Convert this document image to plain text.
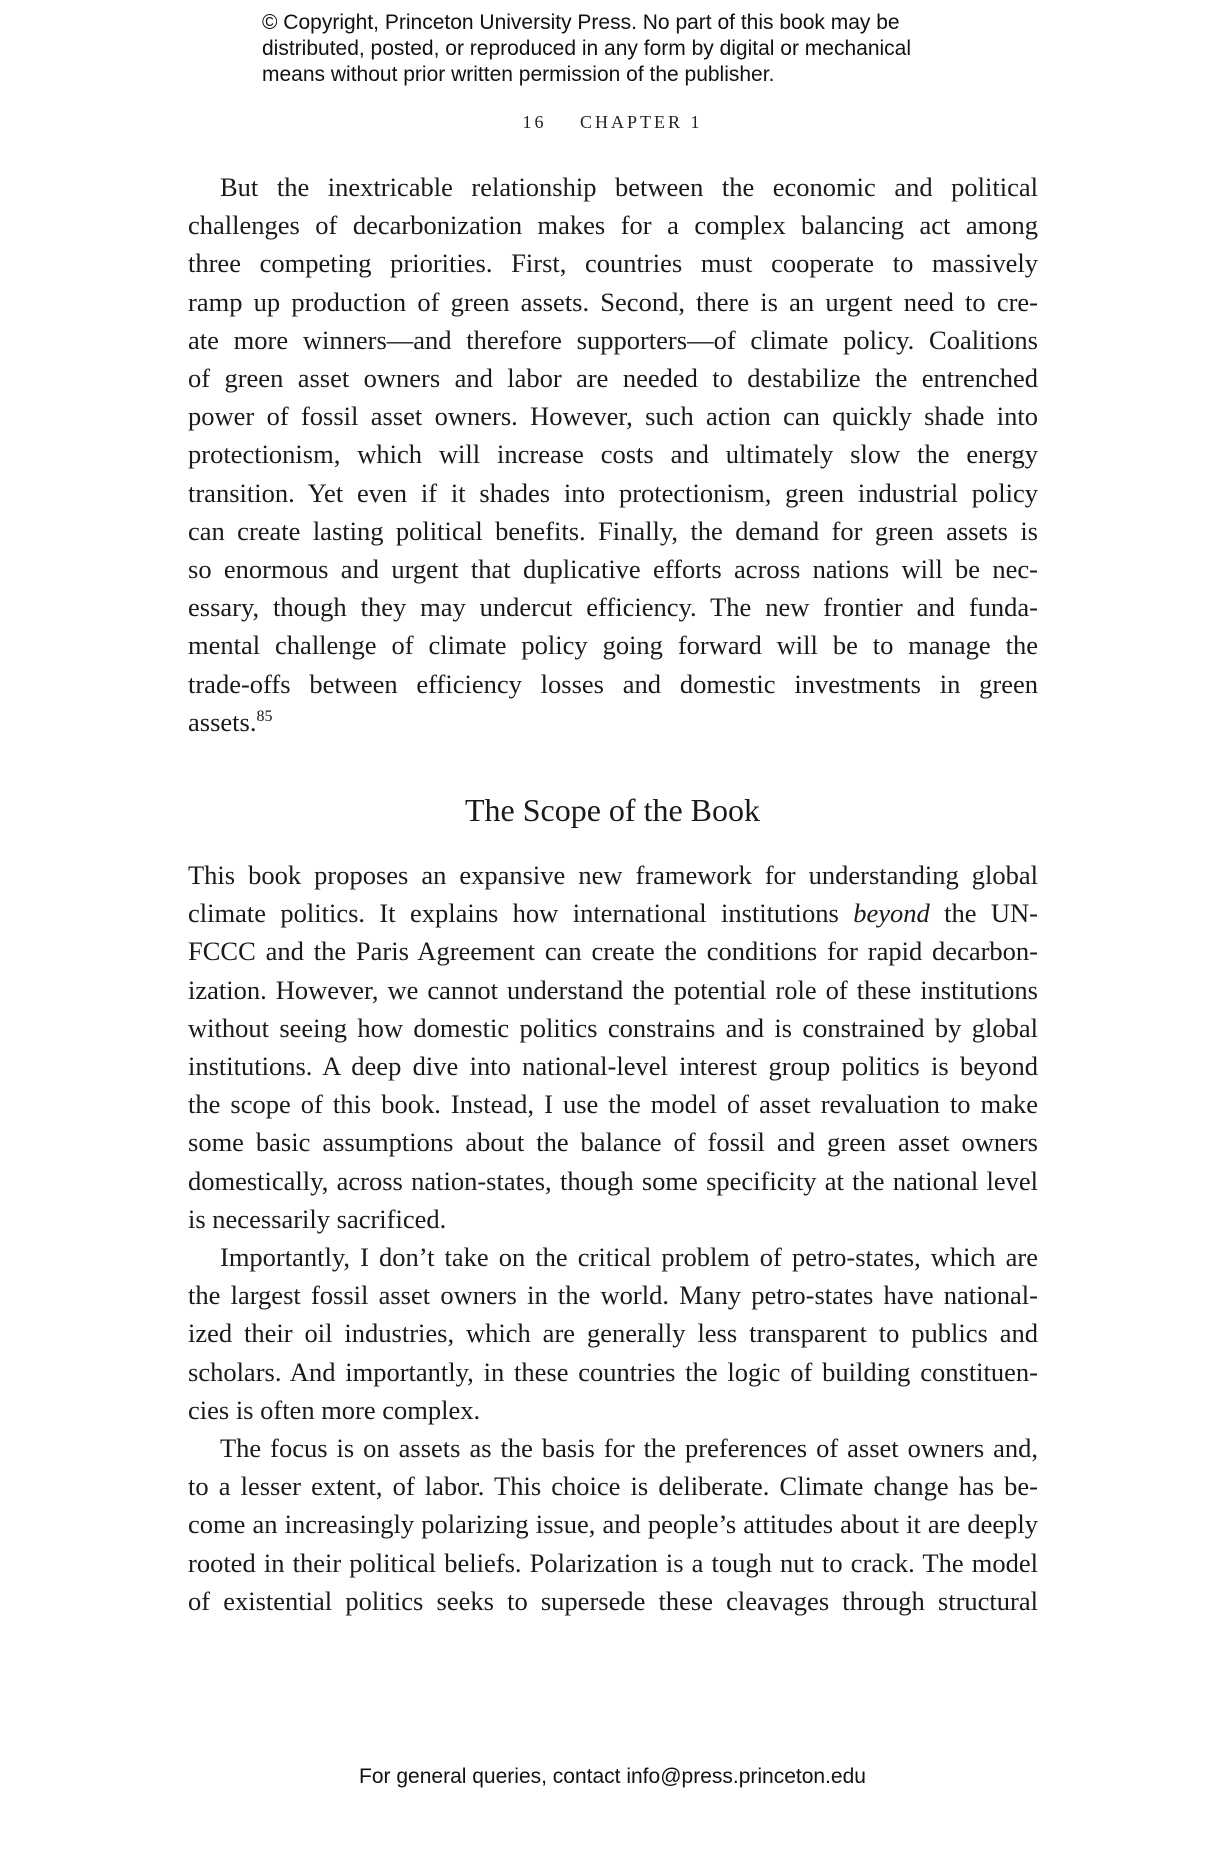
© Copyright, Princeton University Press. No part of this book may be
distributed, posted, or reproduced in any form by digital or mechanical
means without prior written permission of the publisher.
16 CHAPTER 1

But the inextricable relationship between the economic and political
challenges of decarbonization makes for a complex balancing act among
three competing priorities. First, countries must cooperate to massively
ramp up production of green assets. Second, there is an urgent need to cre-
ate more winners—and therefore supporters—of climate policy. Coalitions
of green asset owners and labor are needed to destabilize the entrenched
power of fossil asset owners. However, such action can quickly shade into
protectionism, which will increase costs and ultimately slow the energy
transition. Yet even if it shades into protectionism, green industrial policy
can create lasting political benefits. Finally, the demand for green assets is
so enormous and urgent that duplicative efforts across nations will be nec-
essary, though they may undercut efficiency. The new frontier and funda-
mental challenge of climate policy going forward will be to manage the
trade-offs between efficiency losses and domestic investments in green
assets.$^{85}$

The Scope of the Book

This book proposes an expansive new framework for understanding global
climate politics. It explains how international institutions beyond the UN-
FCCC and the Paris Agreement can create the conditions for rapid decarbon-
ization. However, we cannot understand the potential role of these institutions
without seeing how domestic politics constrains and is constrained by global
institutions. A deep dive into national-level interest group politics is beyond
the scope of this book. Instead, I use the model of asset revaluation to make
some basic assumptions about the balance of fossil and green asset owners
domestically, across nation-states, though some specificity at the national level
is necessarily sacrificed.

Importantly, I don’t take on the critical problem of petro-states, which are
the largest fossil asset owners in the world. Many petro-states have national-
ized their oil industries, which are generally less transparent to publics and
scholars. And importantly, in these countries the logic of building constituen-
cies is often more complex.

The focus is on assets as the basis for the preferences of asset owners and,
to a lesser extent, of labor. This choice is deliberate. Climate change has be-
come an increasingly polarizing issue, and people’s attitudes about it are deeply
rooted in their political beliefs. Polarization is a tough nut to crack. The model
of existential politics seeks to supersede these cleavages through structural

For general queries, contact info@press.princeton.edu
